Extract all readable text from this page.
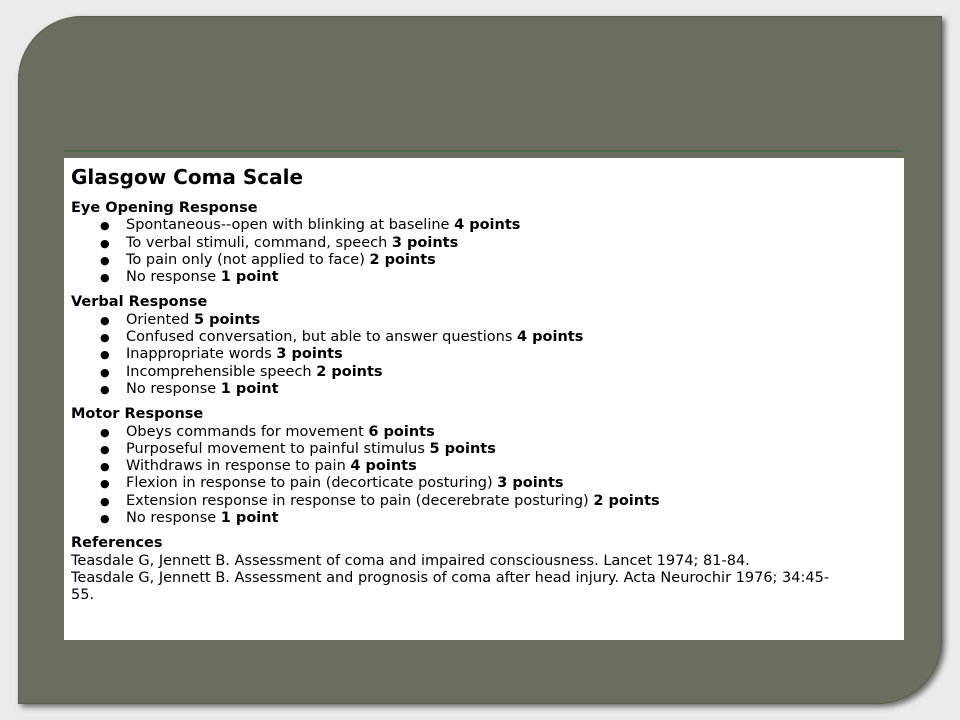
Glasgow Coma Scale
Eye Opening Response
● Spontaneous--open with blinking at baseline 4 points
● To verbal stimuli, command, speech 3 points
● To pain only (not applied to face) 2 points
● No response 1 point
Verbal Response
● Oriented 5 points
● Confused conversation, but able to answer questions 4 points
● Inappropriate words 3 points
● Incomprehensible speech 2 points
● No response 1 point
Motor Response
● Obeys commands for movement 6 points
● Purposeful movement to painful stimulus 5 points
● Withdraws in response to pain 4 points
● Flexion in response to pain (decorticate posturing) 3 points
● Extension response in response to pain (decerebrate posturing) 2 points
● No response 1 point
References
Teasdale G, Jennett B. Assessment of coma and impaired consciousness. Lancet 1974; 81-84.
Teasdale G, Jennett B. Assessment and prognosis of coma after head injury. Acta Neurochir 1976; 34:45-
55.
